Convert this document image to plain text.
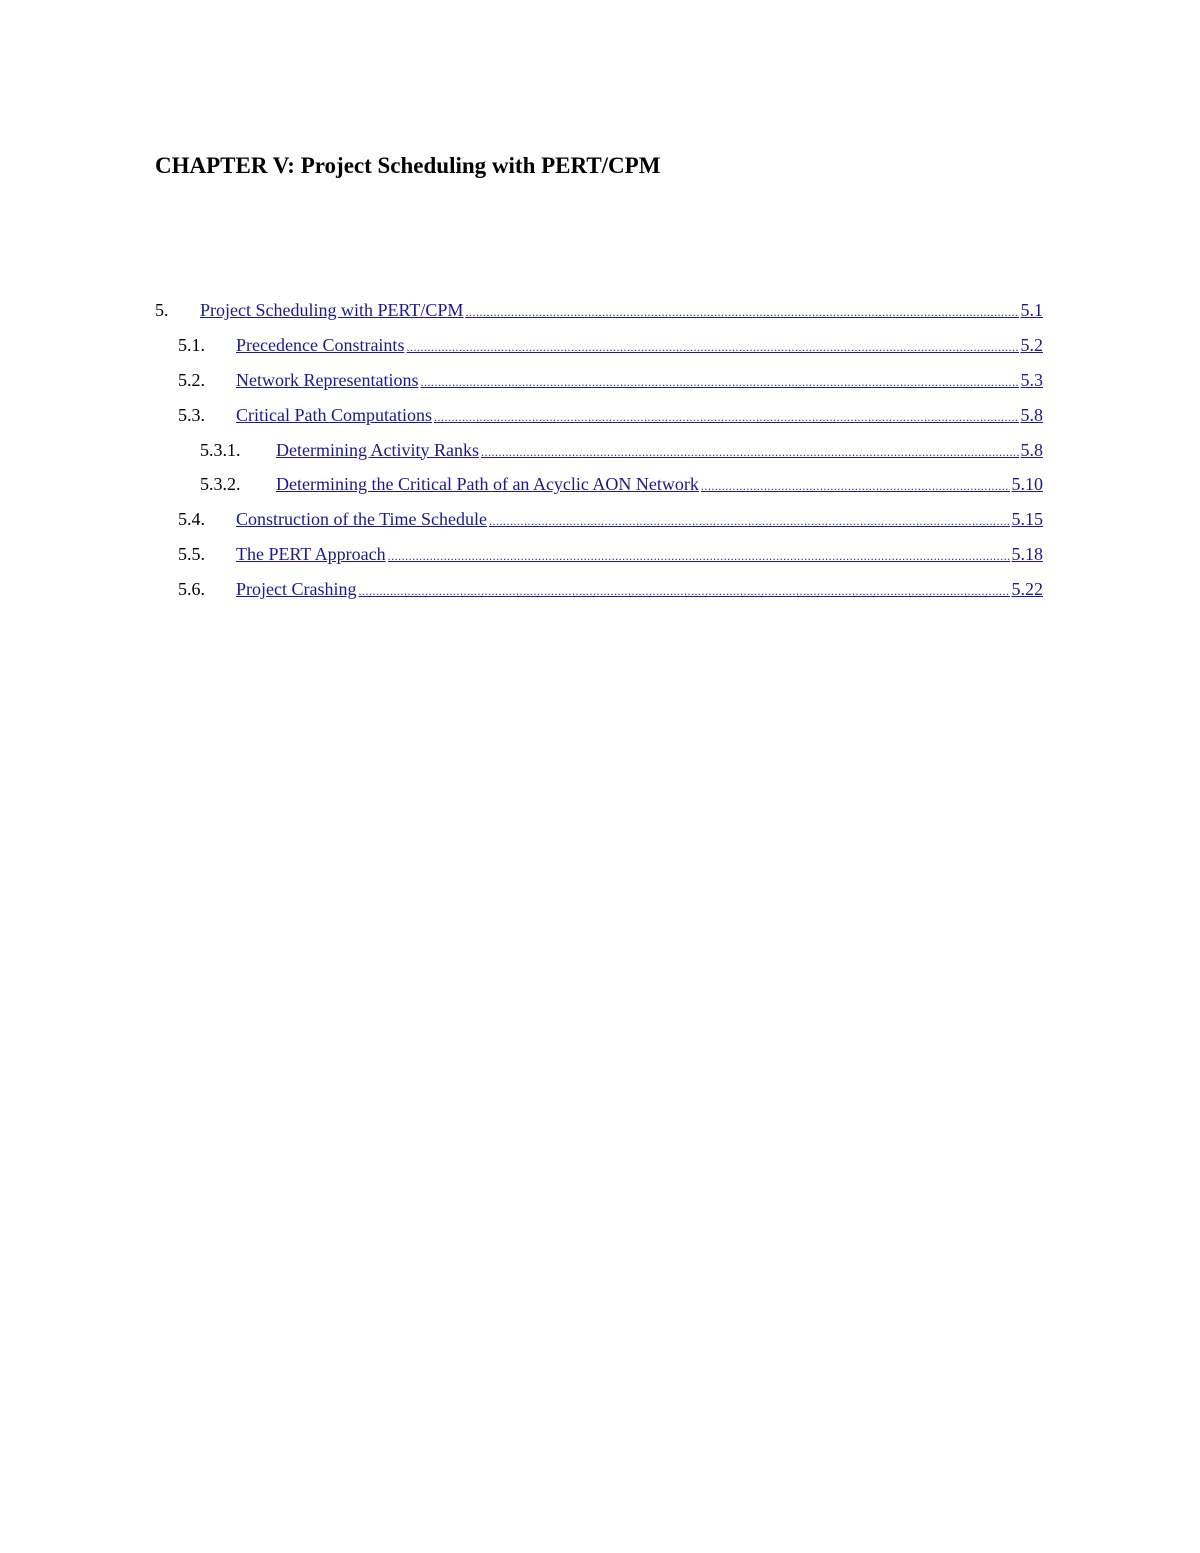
CHAPTER V: Project Scheduling with PERT/CPM
5. Project Scheduling with PERT/CPM .....	5.1
5.1. Precedence Constraints .....	5.2
5.2. Network Representations .....	5.3
5.3. Critical Path Computations .....	5.8
5.3.1. Determining Activity Ranks .....	5.8
5.3.2. Determining the Critical Path of an Acyclic AON Network .....	5.10
5.4. Construction of the Time Schedule .....	5.15
5.5. The PERT Approach .....	5.18
5.6. Project Crashing .....	5.22
